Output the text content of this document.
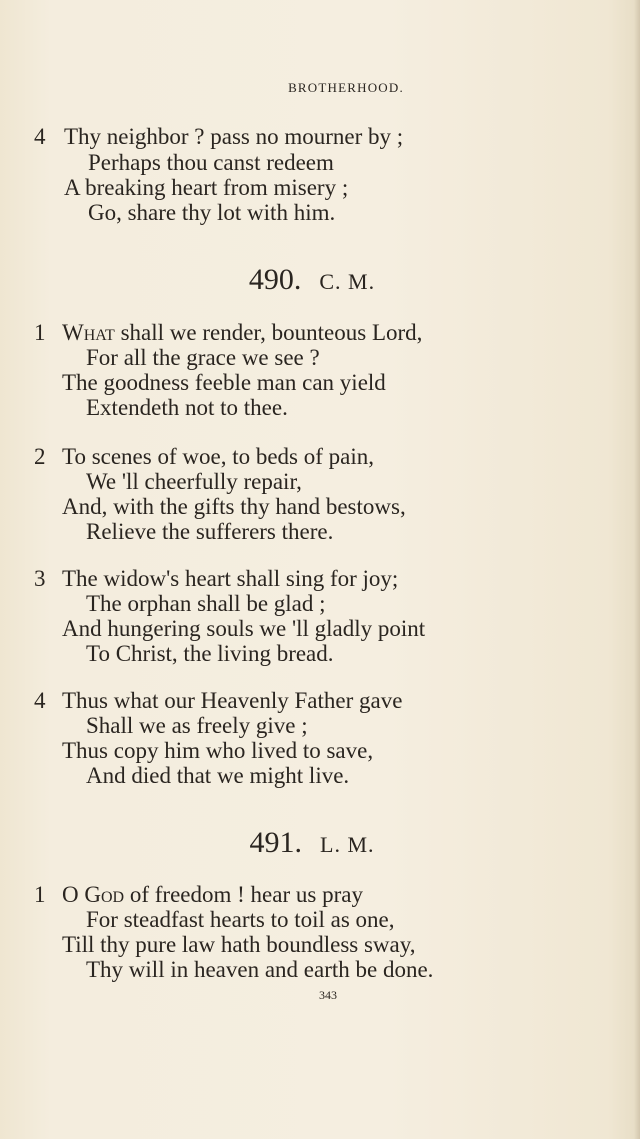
BROTHERHOOD.
4 Thy neighbor ? pass no mourner by ;
Perhaps thou canst redeem
A breaking heart from misery ;
Go, share thy lot with him.
490. C. M.
1 What shall we render, bounteous Lord,
For all the grace we see ?
The goodness feeble man can yield
Extendeth not to thee.
2 To scenes of woe, to beds of pain,
We 'll cheerfully repair,
And, with the gifts thy hand bestows,
Relieve the sufferers there.
3 The widow's heart shall sing for joy;
The orphan shall be glad ;
And hungering souls we 'll gladly point
To Christ, the living bread.
4 Thus what our Heavenly Father gave
Shall we as freely give ;
Thus copy him who lived to save,
And died that we might live.
491. L. M.
1 O God of freedom ! hear us pray
For steadfast hearts to toil as one,
Till thy pure law hath boundless sway,
Thy will in heaven and earth be done.
343
